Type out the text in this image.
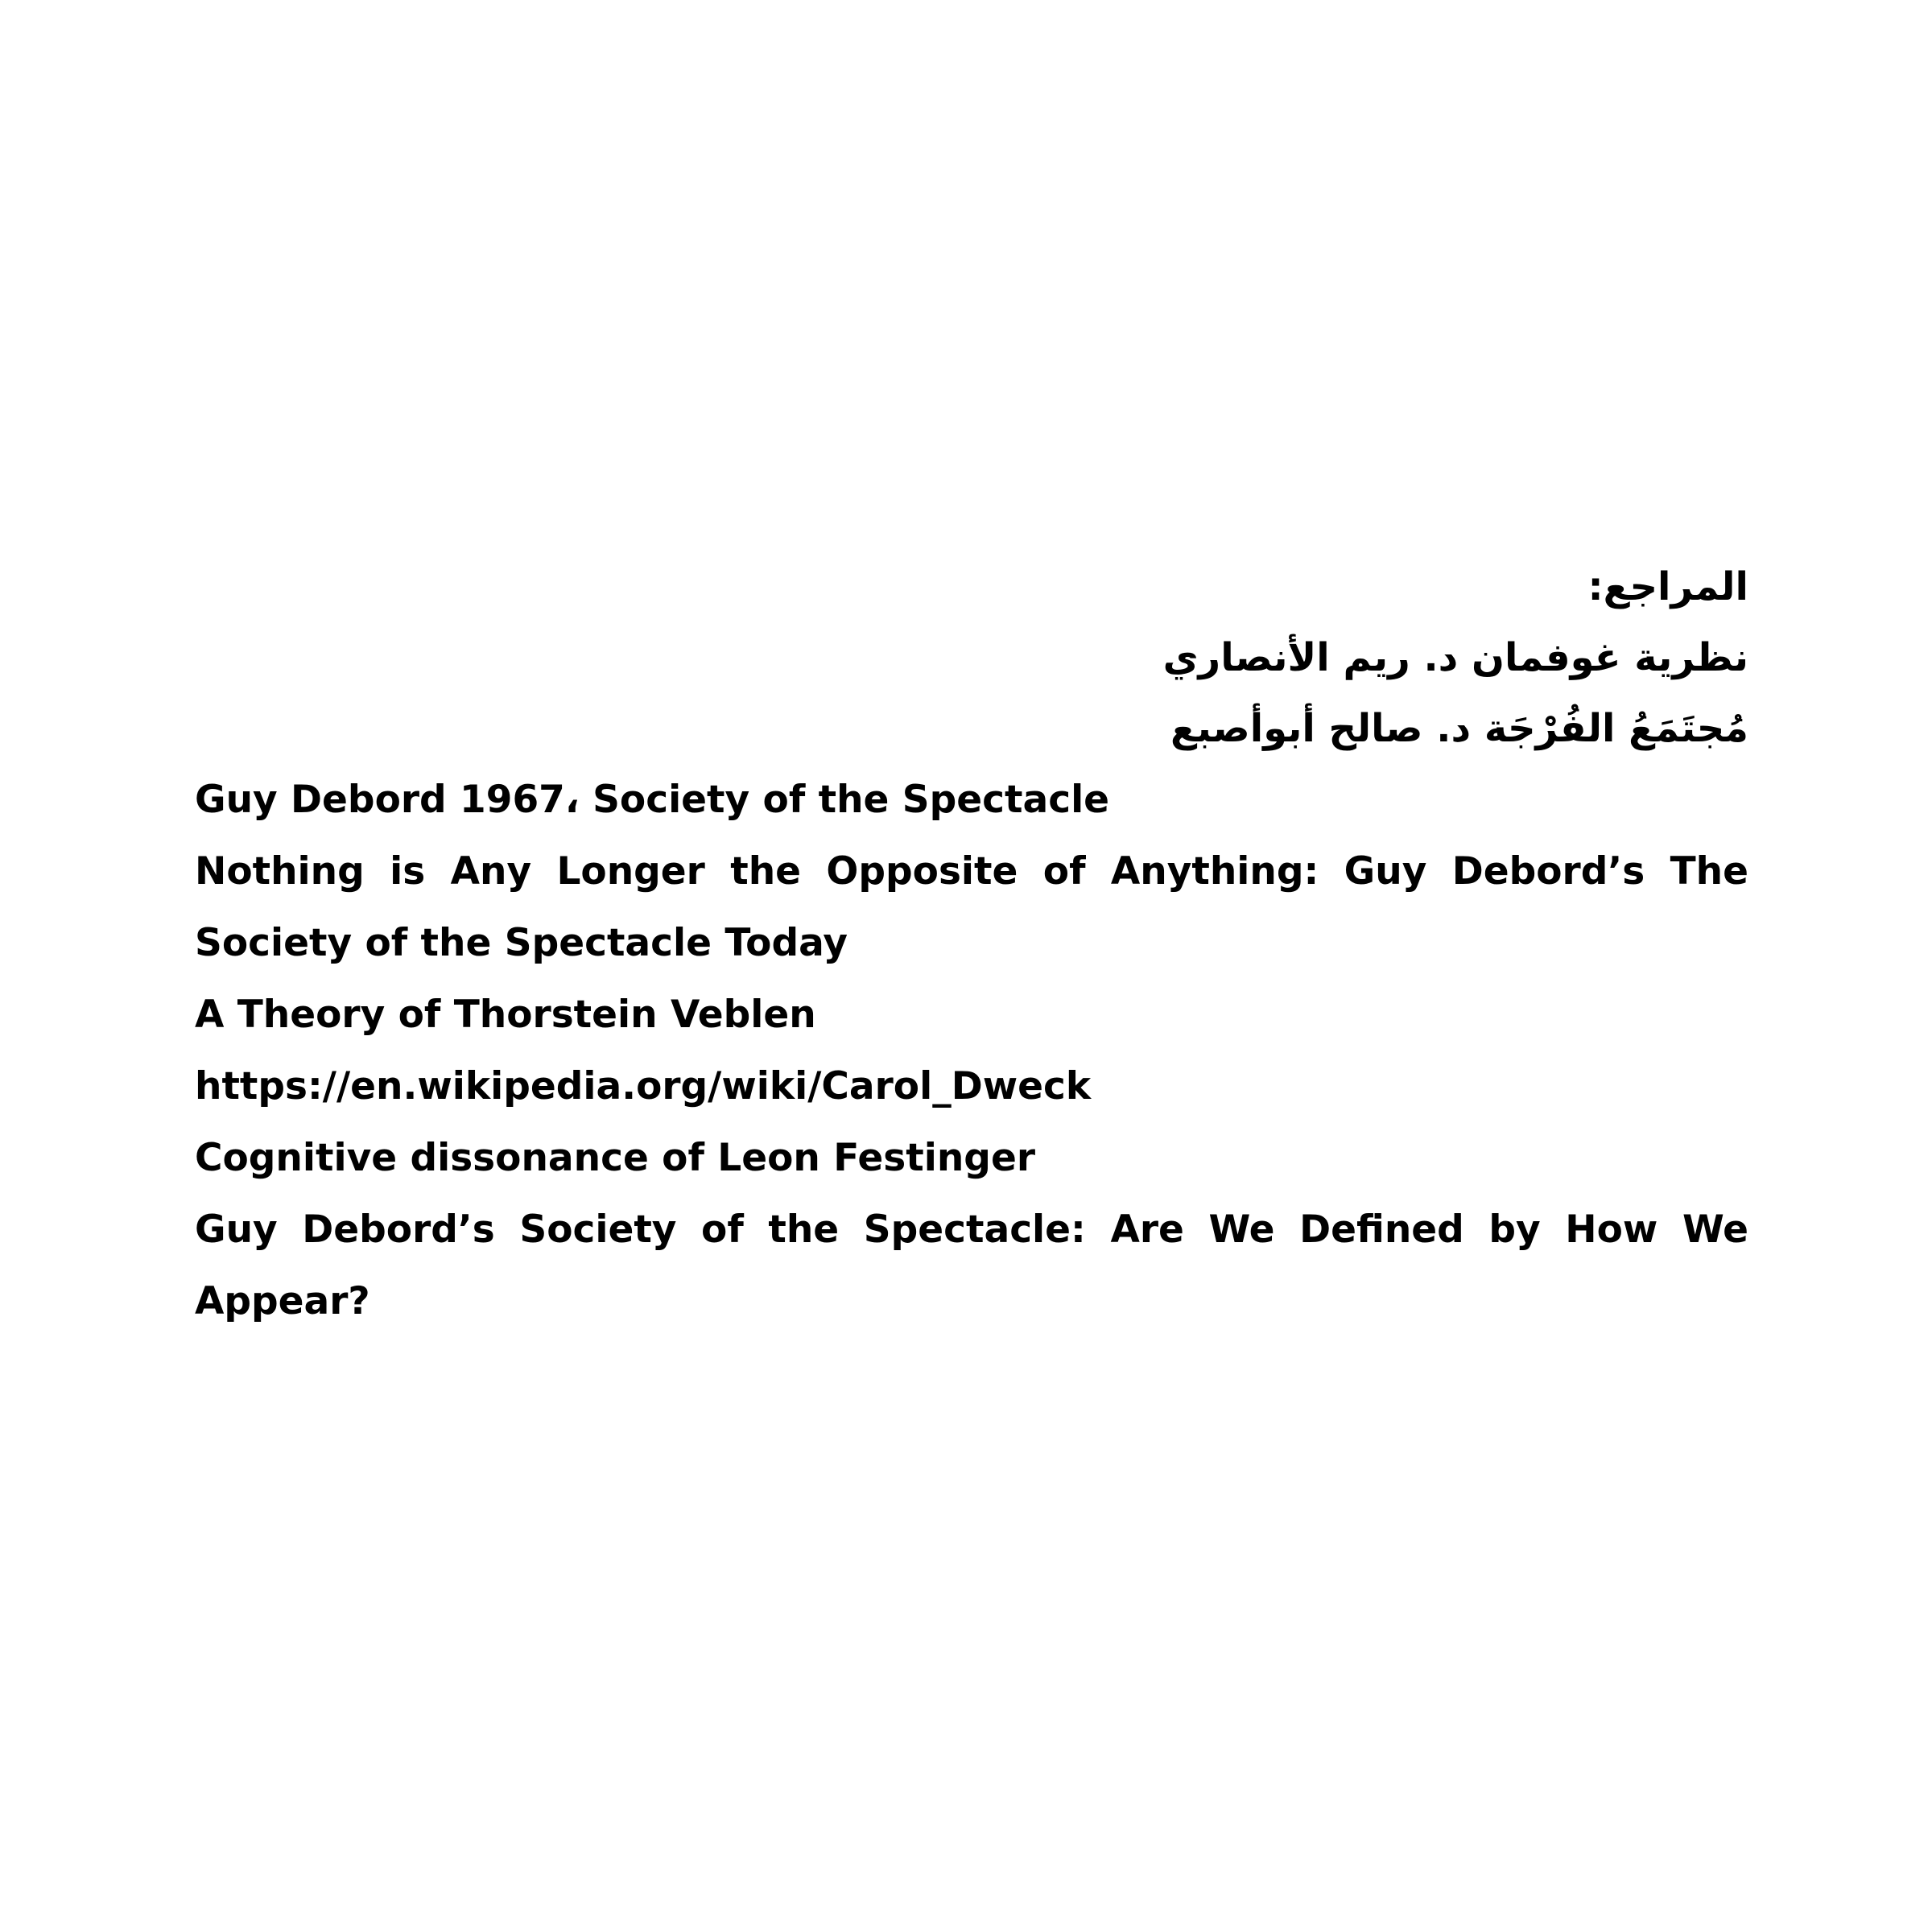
المراجع:
نظرية غوفمان د. ريم الأنصاري
مُجتَمَعُ الفُرْجَة د. صالح أبوأصبع
Guy Debord 1967، Society of the Spectacle
Nothing is Any Longer the Opposite of Anything: Guy Debord’s The Society of the Spectacle Today
A Theory of Thorstein Veblen
https://en.wikipedia.org/wiki/Carol_Dweck
Cognitive dissonance of Leon Festinger
Guy Debord’s Society of the Spectacle: Are We Defined by How We Appear?
